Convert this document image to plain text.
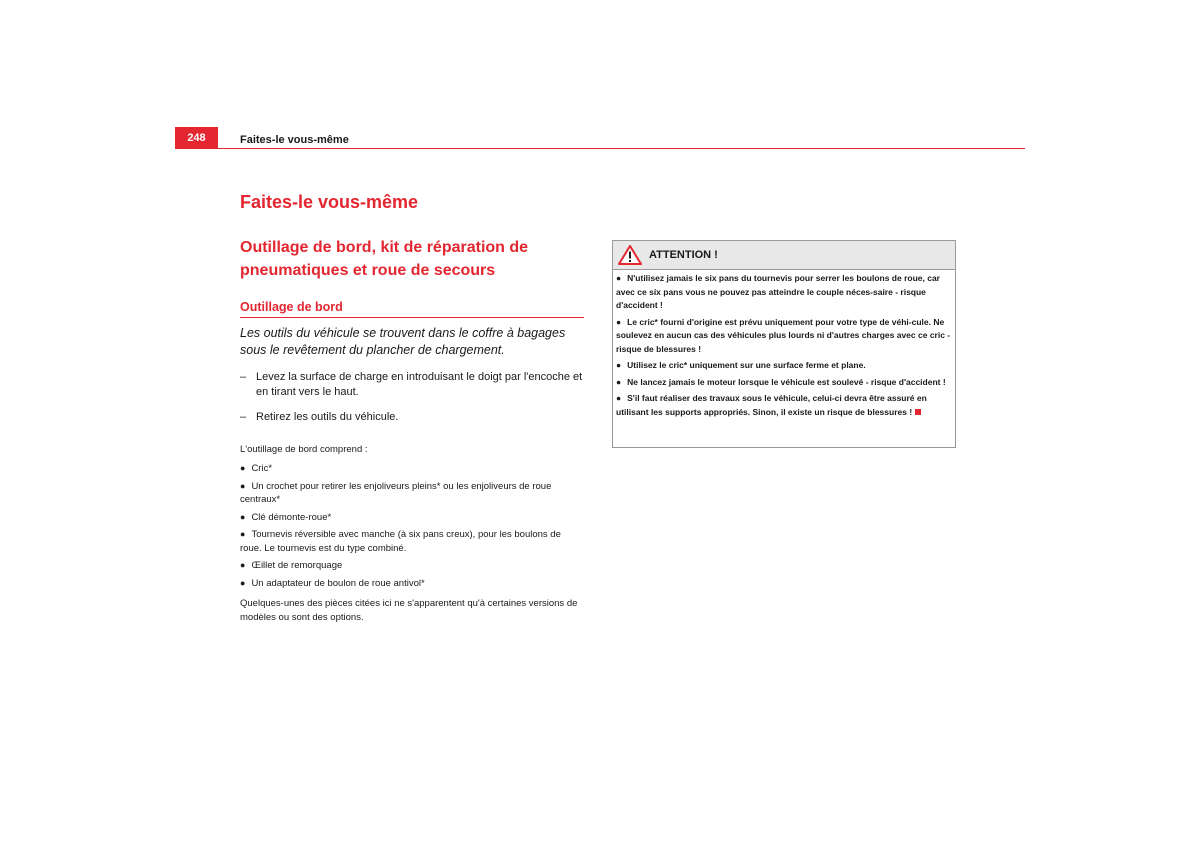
248	Faites-le vous-même
Faites-le vous-même
Outillage de bord, kit de réparation de pneumatiques et roue de secours
Outillage de bord

Les outils du véhicule se trouvent dans le coffre à bagages sous le revêtement du plancher de chargement.

– Levez la surface de charge en introduisant le doigt par l'encoche et en tirant vers le haut.
– Retirez les outils du véhicule.

L'outillage de bord comprend :

● Cric*
● Un crochet pour retirer les enjoliveurs pleins* ou les enjoliveurs de roue centraux*
● Clé démonte-roue*
● Tournevis réversible avec manche (à six pans creux), pour les boulons de roue. Le tournevis est du type combiné.
● Œillet de remorquage
● Un adaptateur de boulon de roue antivol*

Quelques-unes des pièces citées ici ne s'apparentent qu'à certaines versions de modèles ou sont des options.

ATTENTION !

● N'utilisez jamais le six pans du tournevis pour serrer les boulons de roue, car avec ce six pans vous ne pouvez pas atteindre le couple néces-saire - risque d'accident !

● Le cric* fourni d'origine est prévu uniquement pour votre type de véhi-cule. Ne soulevez en aucun cas des véhicules plus lourds ni d'autres charges avec ce cric - risque de blessures !

● Utilisez le cric* uniquement sur une surface ferme et plane.

● Ne lancez jamais le moteur lorsque le véhicule est soulevé - risque d'accident !

● S'il faut réaliser des travaux sous le véhicule, celui-ci devra être assuré en utilisant les supports appropriés. Sinon, il existe un risque de blessures !
